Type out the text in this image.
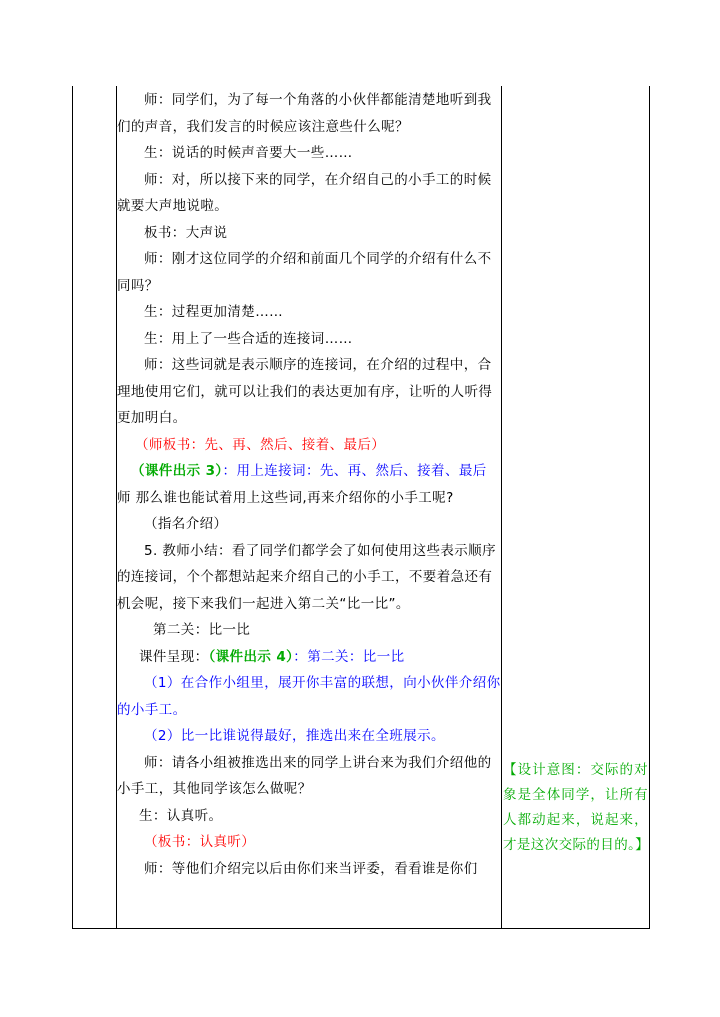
师：同学们，为了每一个角落的小伙伴都能清楚地听到我们的声音，我们发言的时候应该注意些什么呢？

生：说话的时候声音要大一些……

师：对，所以接下来的同学，在介绍自己的小手工的时候就要大声地说啦。

板书：大声说

师：刚才这位同学的介绍和前面几个同学的介绍有什么不同吗？

生：过程更加清楚……

生：用上了一些合适的连接词……

师：这些词就是表示顺序的连接词，在介绍的过程中，合理地使用它们，就可以让我们的表达更加有序，让听的人听得更加明白。

（师板书：先、再、然后、接着、最后）

（课件出示 3）：用上连接词：先、再、然后、接着、最后

师 那么谁也能试着用上这些词,再来介绍你的小手工呢?

（指名介绍）

5. 教师小结：看了同学们都学会了如何使用这些表示顺序的连接词，个个都想站起来介绍自己的小手工，不要着急还有机会呢，接下来我们一起进入第二关“比一比”。

第二关：比一比

课件呈现：（课件出示 4）：第二关：比一比

（1）在合作小组里，展开你丰富的联想，向小伙伴介绍你的小手工。

（2）比一比谁说得最好，推选出来在全班展示。

师：请各小组被推选出来的同学上讲台来为我们介绍他的小手工，其他同学该怎么做呢？

生：认真听。

（板书：认真听）

师：等他们介绍完以后由你们来当评委，看看谁是你们

【设计意图：交际的对象是全体同学，让所有人都动起来，说起来，才是这次交际的目的。】
